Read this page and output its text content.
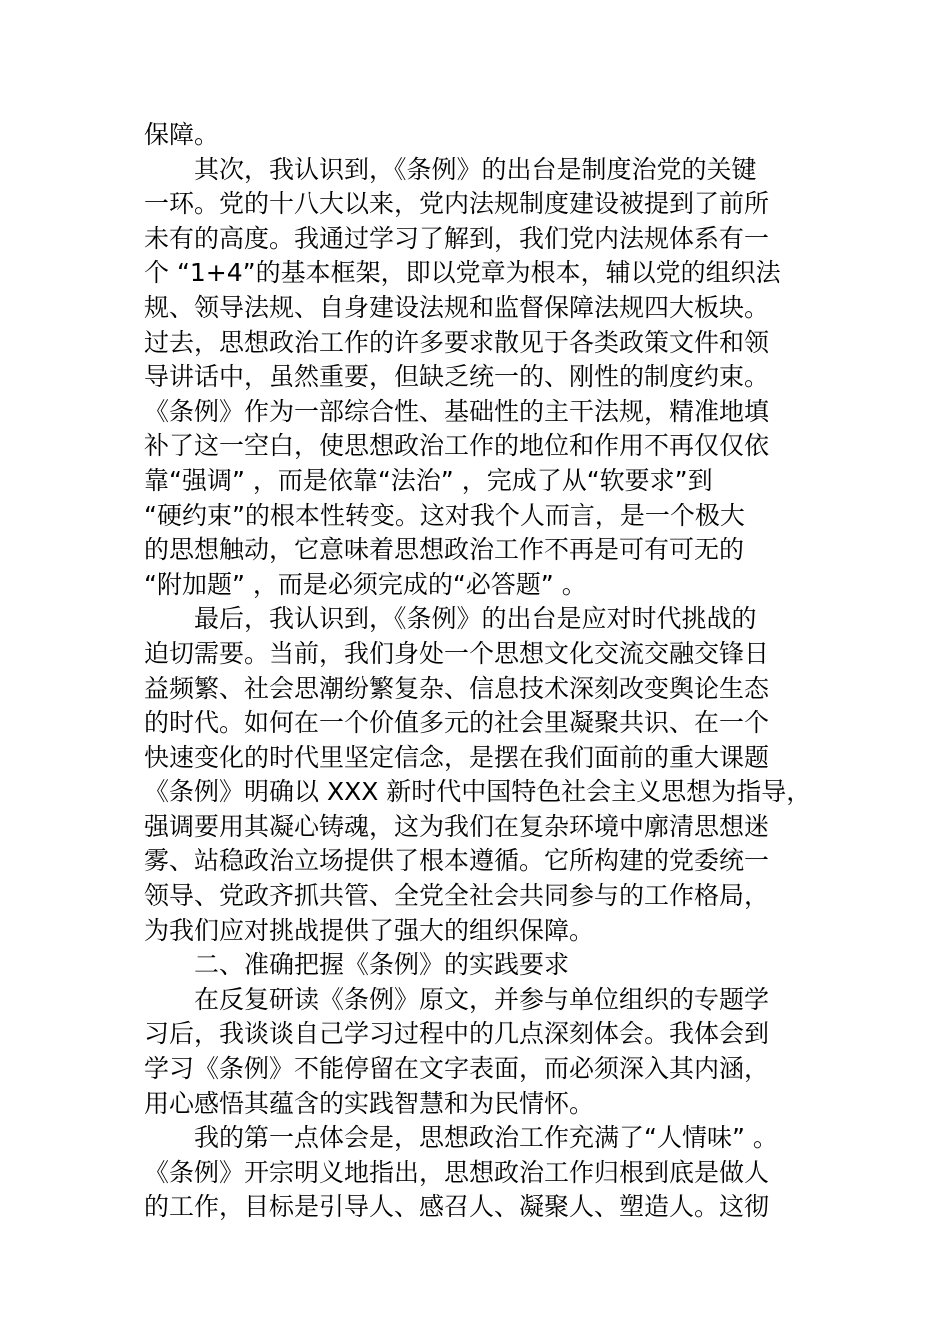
保障。
其次，我认识到，《条例》的出台是制度治党的关键
一环。党的十八大以来，党内法规制度建设被提到了前所
未有的高度。我通过学习了解到，我们党内法规体系有一
个 “1+4”的基本框架，即以党章为根本，辅以党的组织法
规、领导法规、自身建设法规和监督保障法规四大板块。
过去，思想政治工作的许多要求散见于各类政策文件和领
导讲话中，虽然重要，但缺乏统一的、刚性的制度约束。
《条例》作为一部综合性、基础性的主干法规，精准地填
补了这一空白，使思想政治工作的地位和作用不再仅仅依
靠“强调” ，而是依靠“法治” ，完成了从“软要求”到
“硬约束”的根本性转变。这对我个人而言，是一个极大
的思想触动，它意味着思想政治工作不再是可有可无的
“附加题” ，而是必须完成的“必答题” 。
最后，我认识到，《条例》的出台是应对时代挑战的
迫切需要。当前，我们身处一个思想文化交流交融交锋日
益频繁、社会思潮纷繁复杂、信息技术深刻改变舆论生态
的时代。如何在一个价值多元的社会里凝聚共识、在一个
快速变化的时代里坚定信念，是摆在我们面前的重大课题
《条例》明确以 XXX 新时代中国特色社会主义思想为指导，
强调要用其凝心铸魂，这为我们在复杂环境中廓清思想迷
雾、站稳政治立场提供了根本遵循。它所构建的党委统一
领导、党政齐抓共管、全党全社会共同参与的工作格局，
为我们应对挑战提供了强大的组织保障。
二、准确把握《条例》的实践要求
在反复研读《条例》原文，并参与单位组织的专题学
习后，我谈谈自己学习过程中的几点深刻体会。我体会到
学习《条例》不能停留在文字表面，而必须深入其内涵，
用心感悟其蕴含的实践智慧和为民情怀。
我的第一点体会是，思想政治工作充满了“人情味” 。
《条例》开宗明义地指出，思想政治工作归根到底是做人
的工作，目标是引导人、感召人、凝聚人、塑造人。这彻
